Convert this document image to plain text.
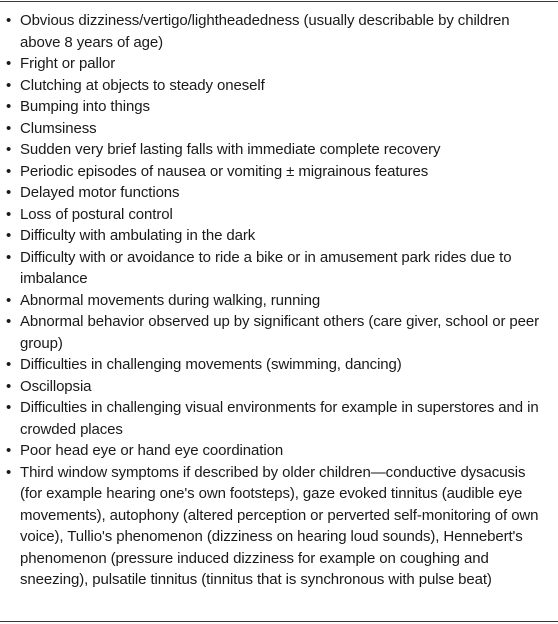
• Obvious dizziness/vertigo/lightheadedness (usually describable by children above 8 years of age)
• Fright or pallor
• Clutching at objects to steady oneself
• Bumping into things
• Clumsiness
• Sudden very brief lasting falls with immediate complete recovery
• Periodic episodes of nausea or vomiting ± migrainous features
• Delayed motor functions
• Loss of postural control
• Difficulty with ambulating in the dark
• Difficulty with or avoidance to ride a bike or in amusement park rides due to imbalance
• Abnormal movements during walking, running
• Abnormal behavior observed up by significant others (care giver, school or peer group)
• Difficulties in challenging movements (swimming, dancing)
• Oscillopsia
• Difficulties in challenging visual environments for example in superstores and in crowded places
• Poor head eye or hand eye coordination
• Third window symptoms if described by older children—conductive dysacusis (for example hearing one's own footsteps), gaze evoked tinnitus (audible eye movements), autophony (altered perception or perverted self-monitoring of own voice), Tullio's phenomenon (dizziness on hearing loud sounds), Hennebert's phenomenon (pressure induced dizziness for example on coughing and sneezing), pulsatile tinnitus (tinnitus that is synchronous with pulse beat)
